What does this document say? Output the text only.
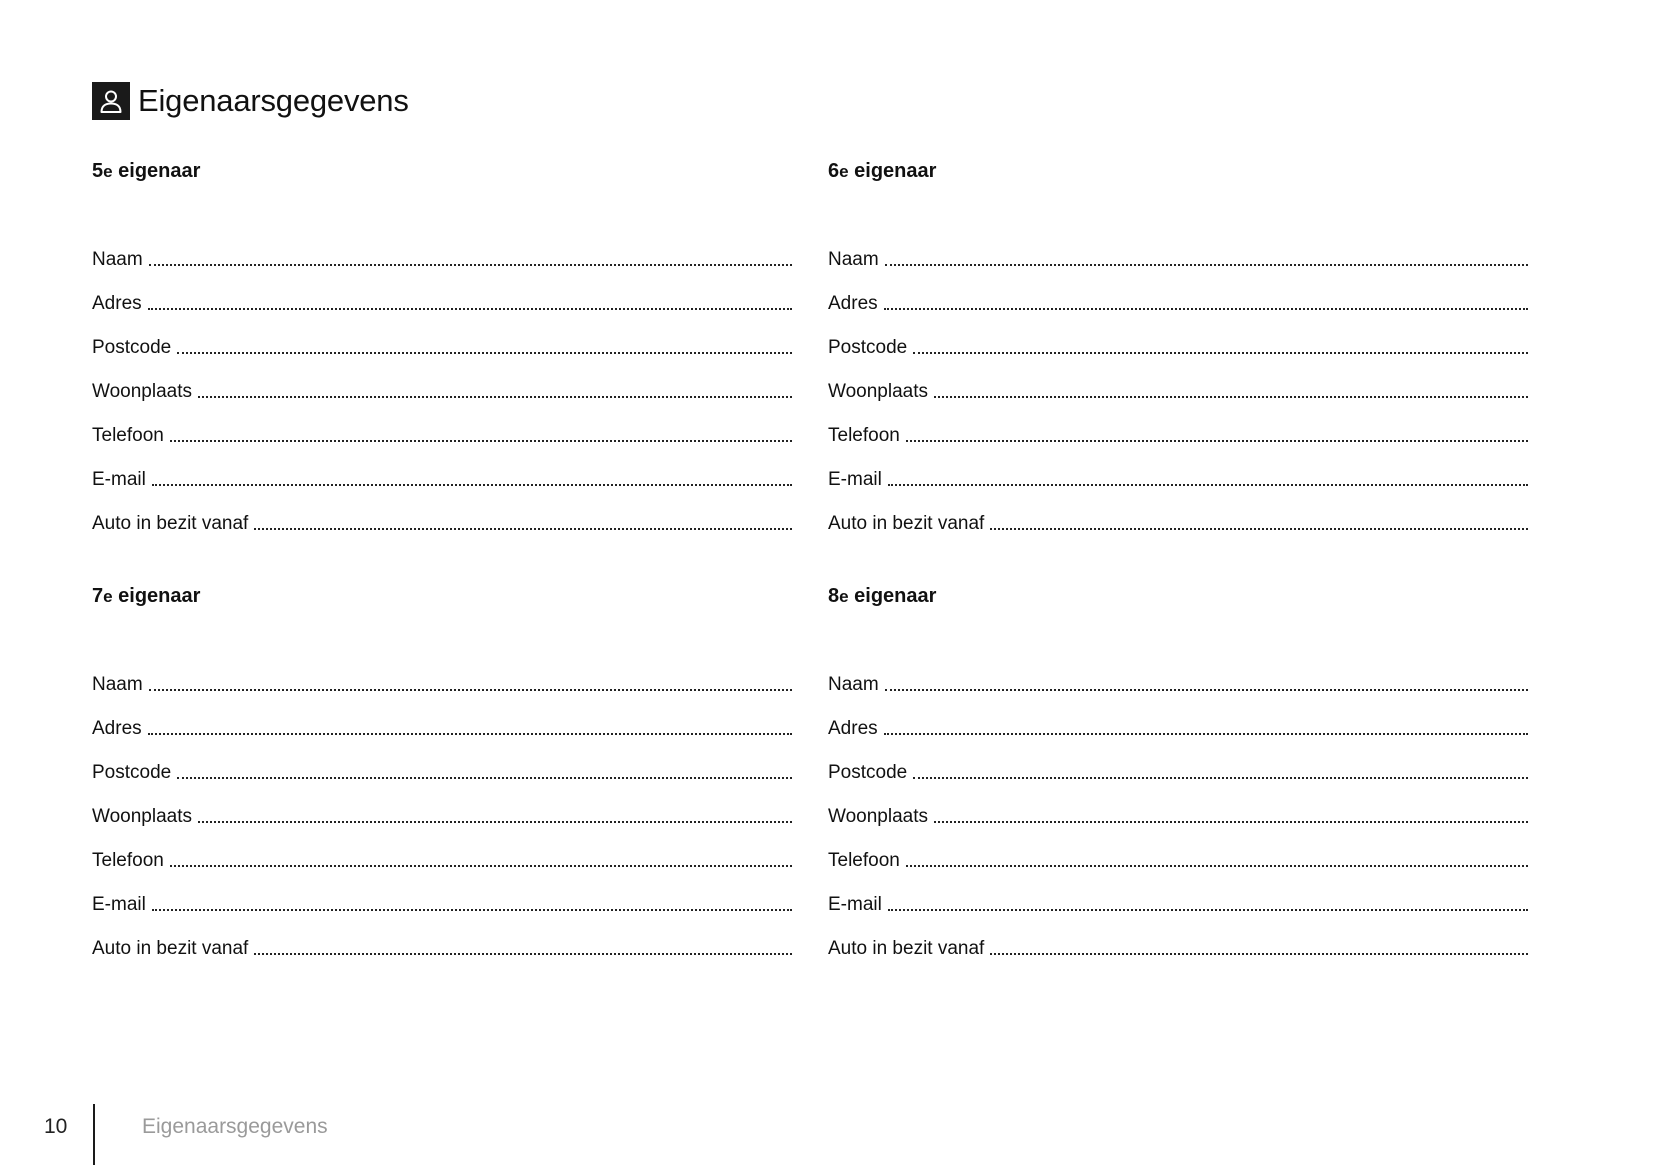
Eigenaarsgegevens
5e eigenaar
Naam
Adres
Postcode
Woonplaats
Telefoon
E-mail
Auto in bezit vanaf
6e eigenaar
Naam
Adres
Postcode
Woonplaats
Telefoon
E-mail
Auto in bezit vanaf
7e eigenaar
Naam
Adres
Postcode
Woonplaats
Telefoon
E-mail
Auto in bezit vanaf
8e eigenaar
Naam
Adres
Postcode
Woonplaats
Telefoon
E-mail
Auto in bezit vanaf
10	Eigenaarsgegevens
